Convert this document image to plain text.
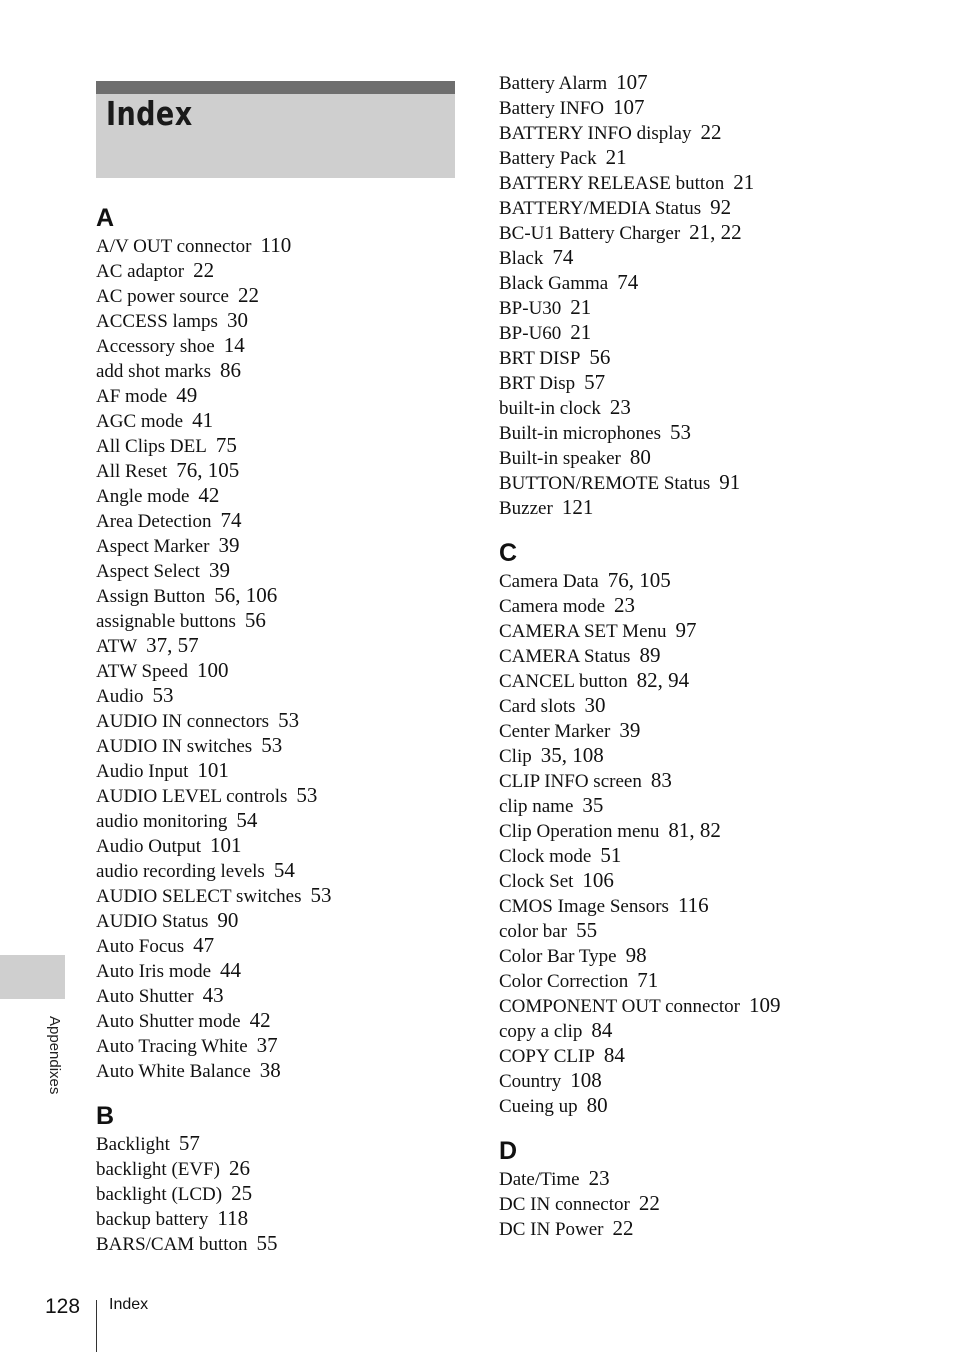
Index
A
A/V OUT connector 110
AC adaptor 22
AC power source 22
ACCESS lamps 30
Accessory shoe 14
add shot marks 86
AF mode 49
AGC mode 41
All Clips DEL 75
All Reset 76, 105
Angle mode 42
Area Detection 74
Aspect Marker 39
Aspect Select 39
Assign Button 56, 106
assignable buttons 56
ATW 37, 57
ATW Speed 100
Audio 53
AUDIO IN connectors 53
AUDIO IN switches 53
Audio Input 101
AUDIO LEVEL controls 53
audio monitoring 54
Audio Output 101
audio recording levels 54
AUDIO SELECT switches 53
AUDIO Status 90
Auto Focus 47
Auto Iris mode 44
Auto Shutter 43
Auto Shutter mode 42
Auto Tracing White 37
Auto White Balance 38
B
Backlight 57
backlight (EVF) 26
backlight (LCD) 25
backup battery 118
BARS/CAM button 55
Battery Alarm 107
Battery INFO 107
BATTERY INFO display 22
Battery Pack 21
BATTERY RELEASE button 21
BATTERY/MEDIA Status 92
BC-U1 Battery Charger 21, 22
Black 74
Black Gamma 74
BP-U30 21
BP-U60 21
BRT DISP 56
BRT Disp 57
built-in clock 23
Built-in microphones 53
Built-in speaker 80
BUTTON/REMOTE Status 91
Buzzer 121
C
Camera Data 76, 105
Camera mode 23
CAMERA SET Menu 97
CAMERA Status 89
CANCEL button 82, 94
Card slots 30
Center Marker 39
Clip 35, 108
CLIP INFO screen 83
clip name 35
Clip Operation menu 81, 82
Clock mode 51
Clock Set 106
CMOS Image Sensors 116
color bar 55
Color Bar Type 98
Color Correction 71
COMPONENT OUT connector 109
copy a clip 84
COPY CLIP 84
Country 108
Cueing up 80
D
Date/Time 23
DC IN connector 22
DC IN Power 22
Appendixes
128 Index
